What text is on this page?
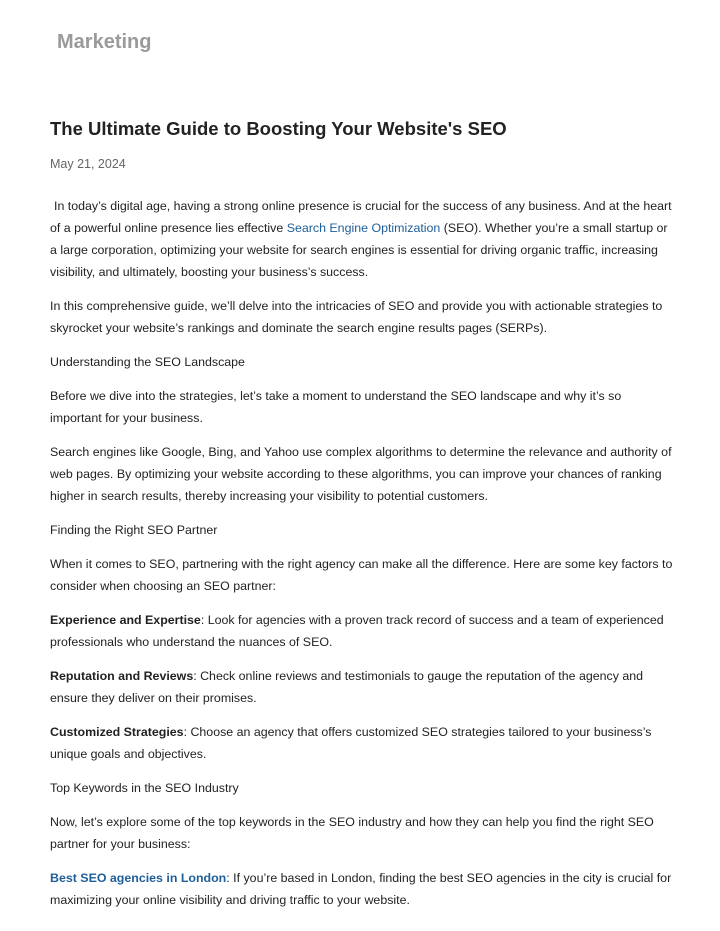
Marketing
The Ultimate Guide to Boosting Your Website's SEO
May 21, 2024

In today’s digital age, having a strong online presence is crucial for the success of any business. And at the heart of a powerful online presence lies effective Search Engine Optimization (SEO). Whether you’re a small startup or a large corporation, optimizing your website for search engines is essential for driving organic traffic, increasing visibility, and ultimately, boosting your business’s success.

In this comprehensive guide, we’ll delve into the intricacies of SEO and provide you with actionable strategies to skyrocket your website’s rankings and dominate the search engine results pages (SERPs).

Understanding the SEO Landscape

Before we dive into the strategies, let’s take a moment to understand the SEO landscape and why it’s so important for your business.

Search engines like Google, Bing, and Yahoo use complex algorithms to determine the relevance and authority of web pages. By optimizing your website according to these algorithms, you can improve your chances of ranking higher in search results, thereby increasing your visibility to potential customers.

Finding the Right SEO Partner

When it comes to SEO, partnering with the right agency can make all the difference. Here are some key factors to consider when choosing an SEO partner:

Experience and Expertise: Look for agencies with a proven track record of success and a team of experienced professionals who understand the nuances of SEO.

Reputation and Reviews: Check online reviews and testimonials to gauge the reputation of the agency and ensure they deliver on their promises.

Customized Strategies: Choose an agency that offers customized SEO strategies tailored to your business’s unique goals and objectives.

Top Keywords in the SEO Industry

Now, let’s explore some of the top keywords in the SEO industry and how they can help you find the right SEO partner for your business:

Best SEO agencies in London: If you’re based in London, finding the best SEO agencies in the city is crucial for maximizing your online visibility and driving traffic to your website.
